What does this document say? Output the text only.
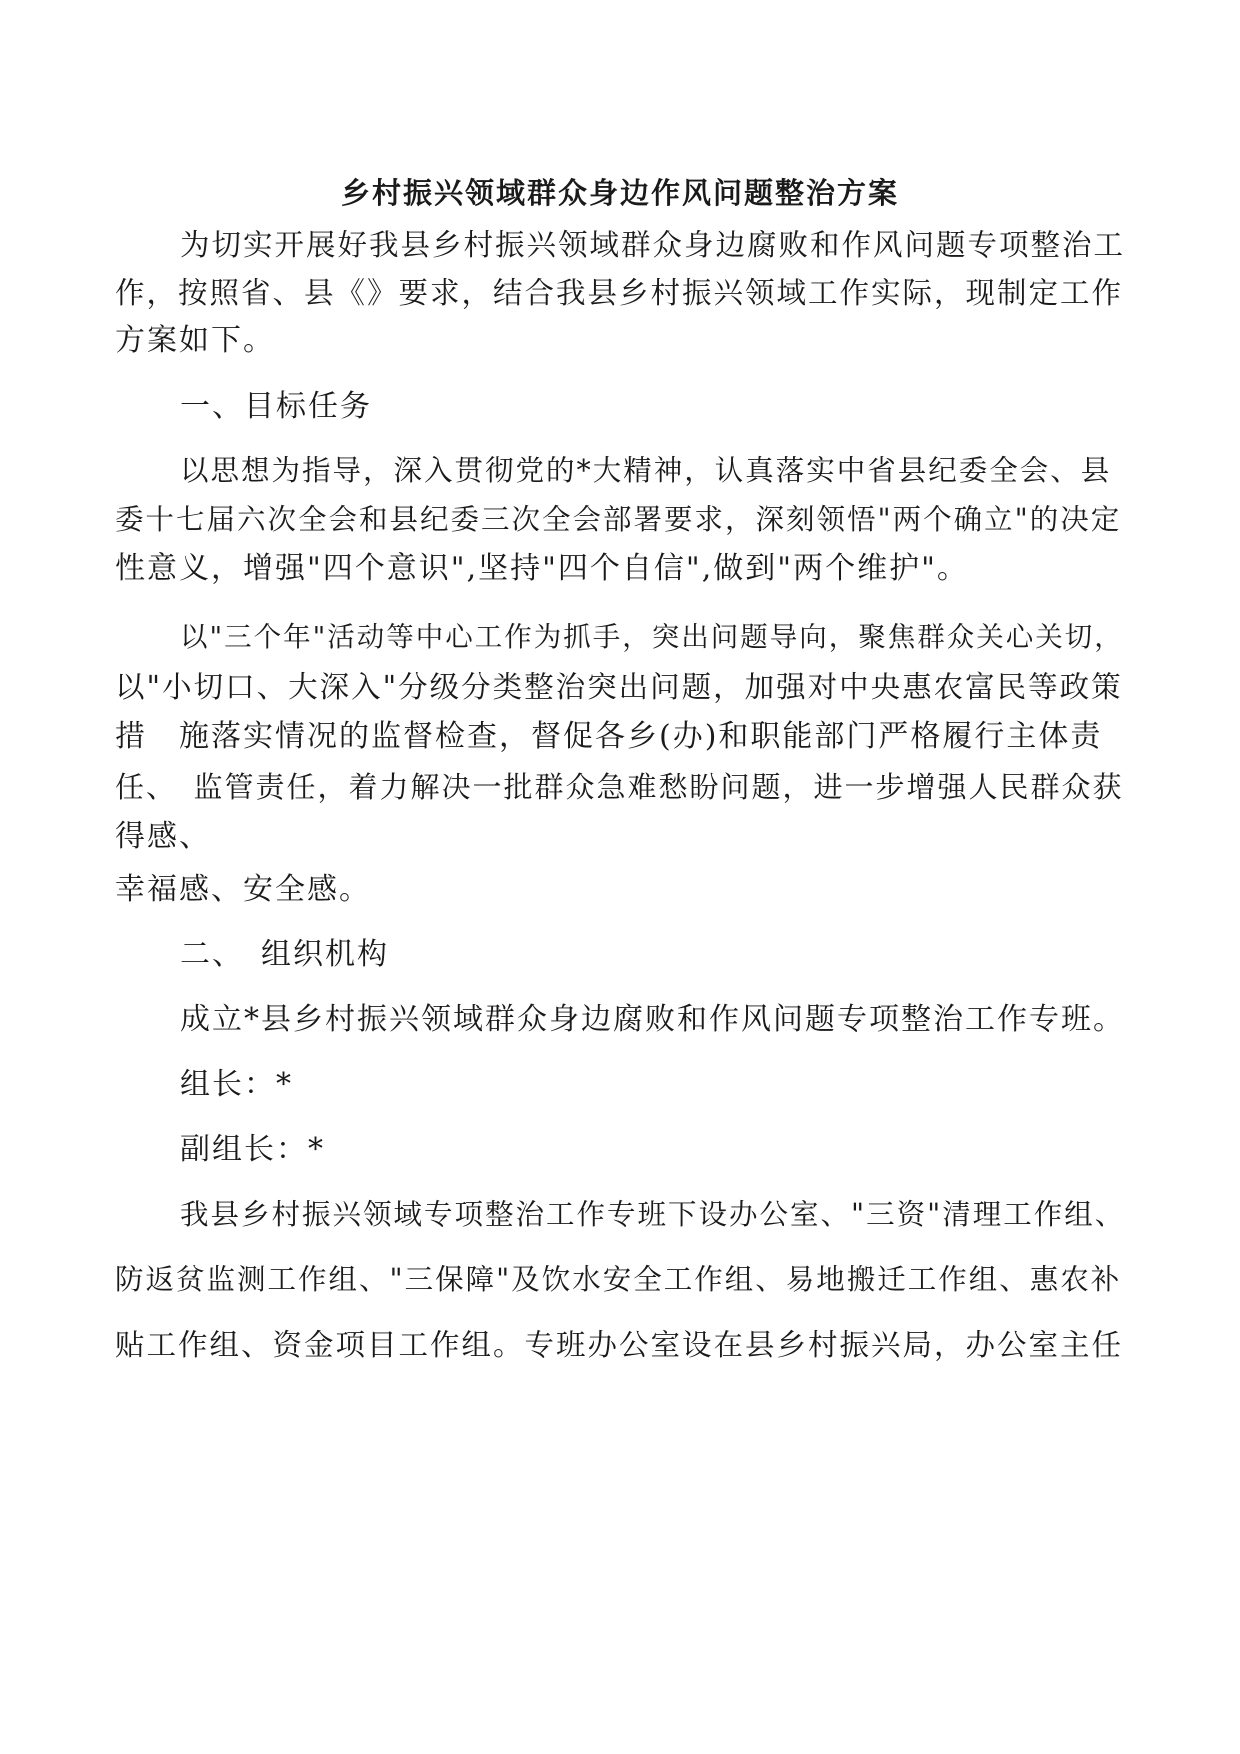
乡村振兴领域群众身边作风问题整治方案
为切实开展好我县乡村振兴领域群众身边腐败和作风问题专项整治工
作，按照省、县《》要求，结合我县乡村振兴领域工作实际，现制定工作
方案如下。
一、目标任务
以思想为指导，深入贯彻党的*大精神，认真落实中省县纪委全会、县
委十七届六次全会和县纪委三次全会部署要求，深刻领悟"两个确立"的决定
性意义，增强"四个意识",坚持"四个自信",做到"两个维护"。
以"三个年"活动等中心工作为抓手，突出问题导向，聚焦群众关心关切，
以"小切口、大深入"分级分类整治突出问题，加强对中央惠农富民等政策
措　施落实情况的监督检查，督促各乡(办)和职能部门严格履行主体责
任、　监管责任，着力解决一批群众急难愁盼问题，进一步增强人民群众获
得感、
幸福感、安全感。
二、　组织机构
成立*县乡村振兴领域群众身边腐败和作风问题专项整治工作专班。
组长：*
副组长：*
我县乡村振兴领域专项整治工作专班下设办公室、"三资"清理工作组、
防返贫监测工作组、"三保障"及饮水安全工作组、易地搬迁工作组、惠农补
贴工作组、资金项目工作组。专班办公室设在县乡村振兴局，办公室主任
